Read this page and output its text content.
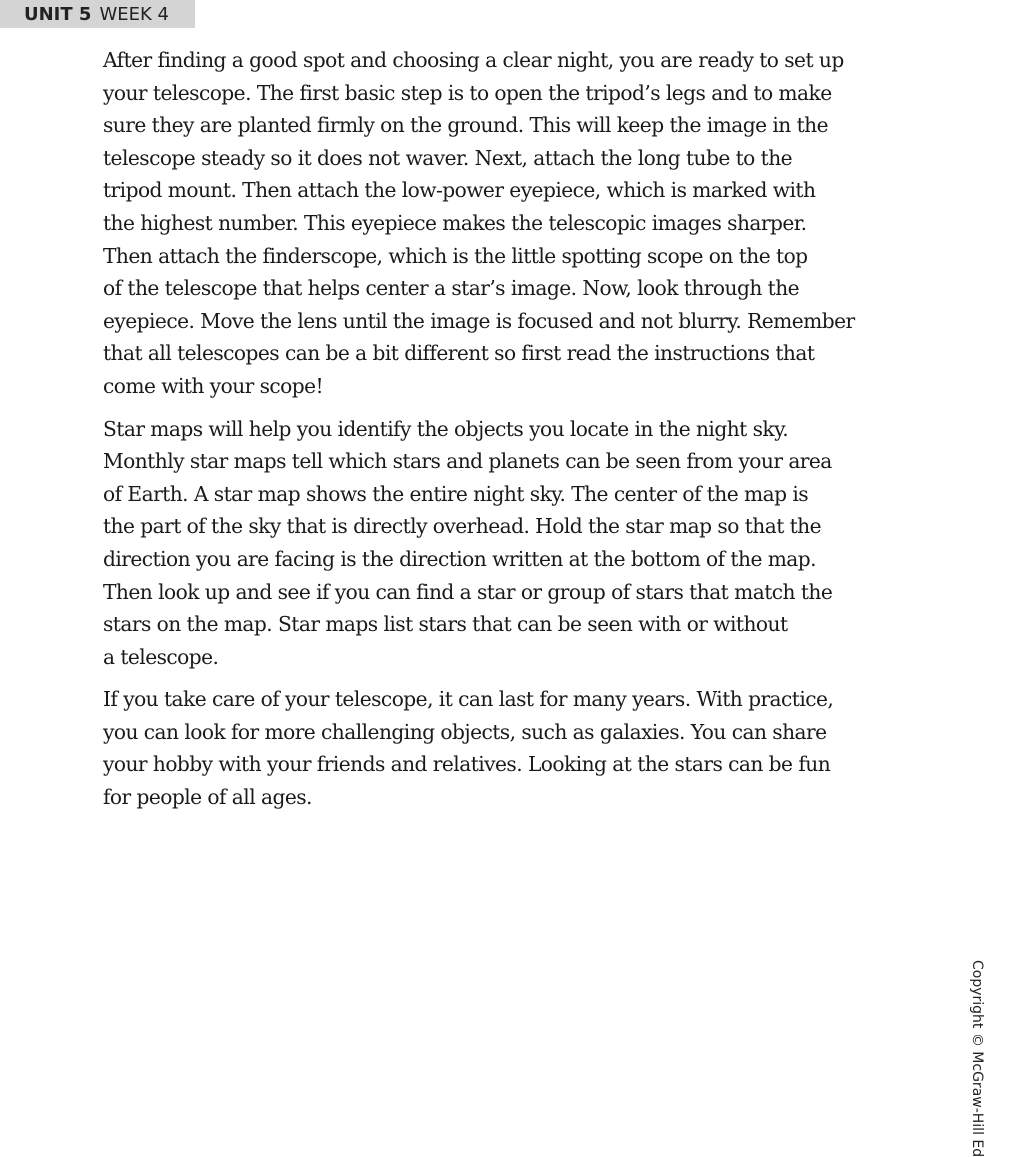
UNIT 5 WEEK 4

After finding a good spot and choosing a clear night, you are ready to set up
your telescope. The first basic step is to open the tripod’s legs and to make
sure they are planted firmly on the ground. This will keep the image in the
telescope steady so it does not waver. Next, attach the long tube to the
tripod mount. Then attach the low-power eyepiece, which is marked with
the highest number. This eyepiece makes the telescopic images sharper.
Then attach the finderscope, which is the little spotting scope on the top
of the telescope that helps center a star’s image. Now, look through the
eyepiece. Move the lens until the image is focused and not blurry. Remember
that all telescopes can be a bit different so first read the instructions that
come with your scope!

Star maps will help you identify the objects you locate in the night sky.
Monthly star maps tell which stars and planets can be seen from your area
of Earth. A star map shows the entire night sky. The center of the map is
the part of the sky that is directly overhead. Hold the star map so that the
direction you are facing is the direction written at the bottom of the map.
Then look up and see if you can find a star or group of stars that match the
stars on the map. Star maps list stars that can be seen with or without
a telescope.

If you take care of your telescope, it can last for many years. With practice,
you can look for more challenging objects, such as galaxies. You can share
your hobby with your friends and relatives. Looking at the stars can be fun
for people of all ages.

Copyright © McGraw-Hill Ed
